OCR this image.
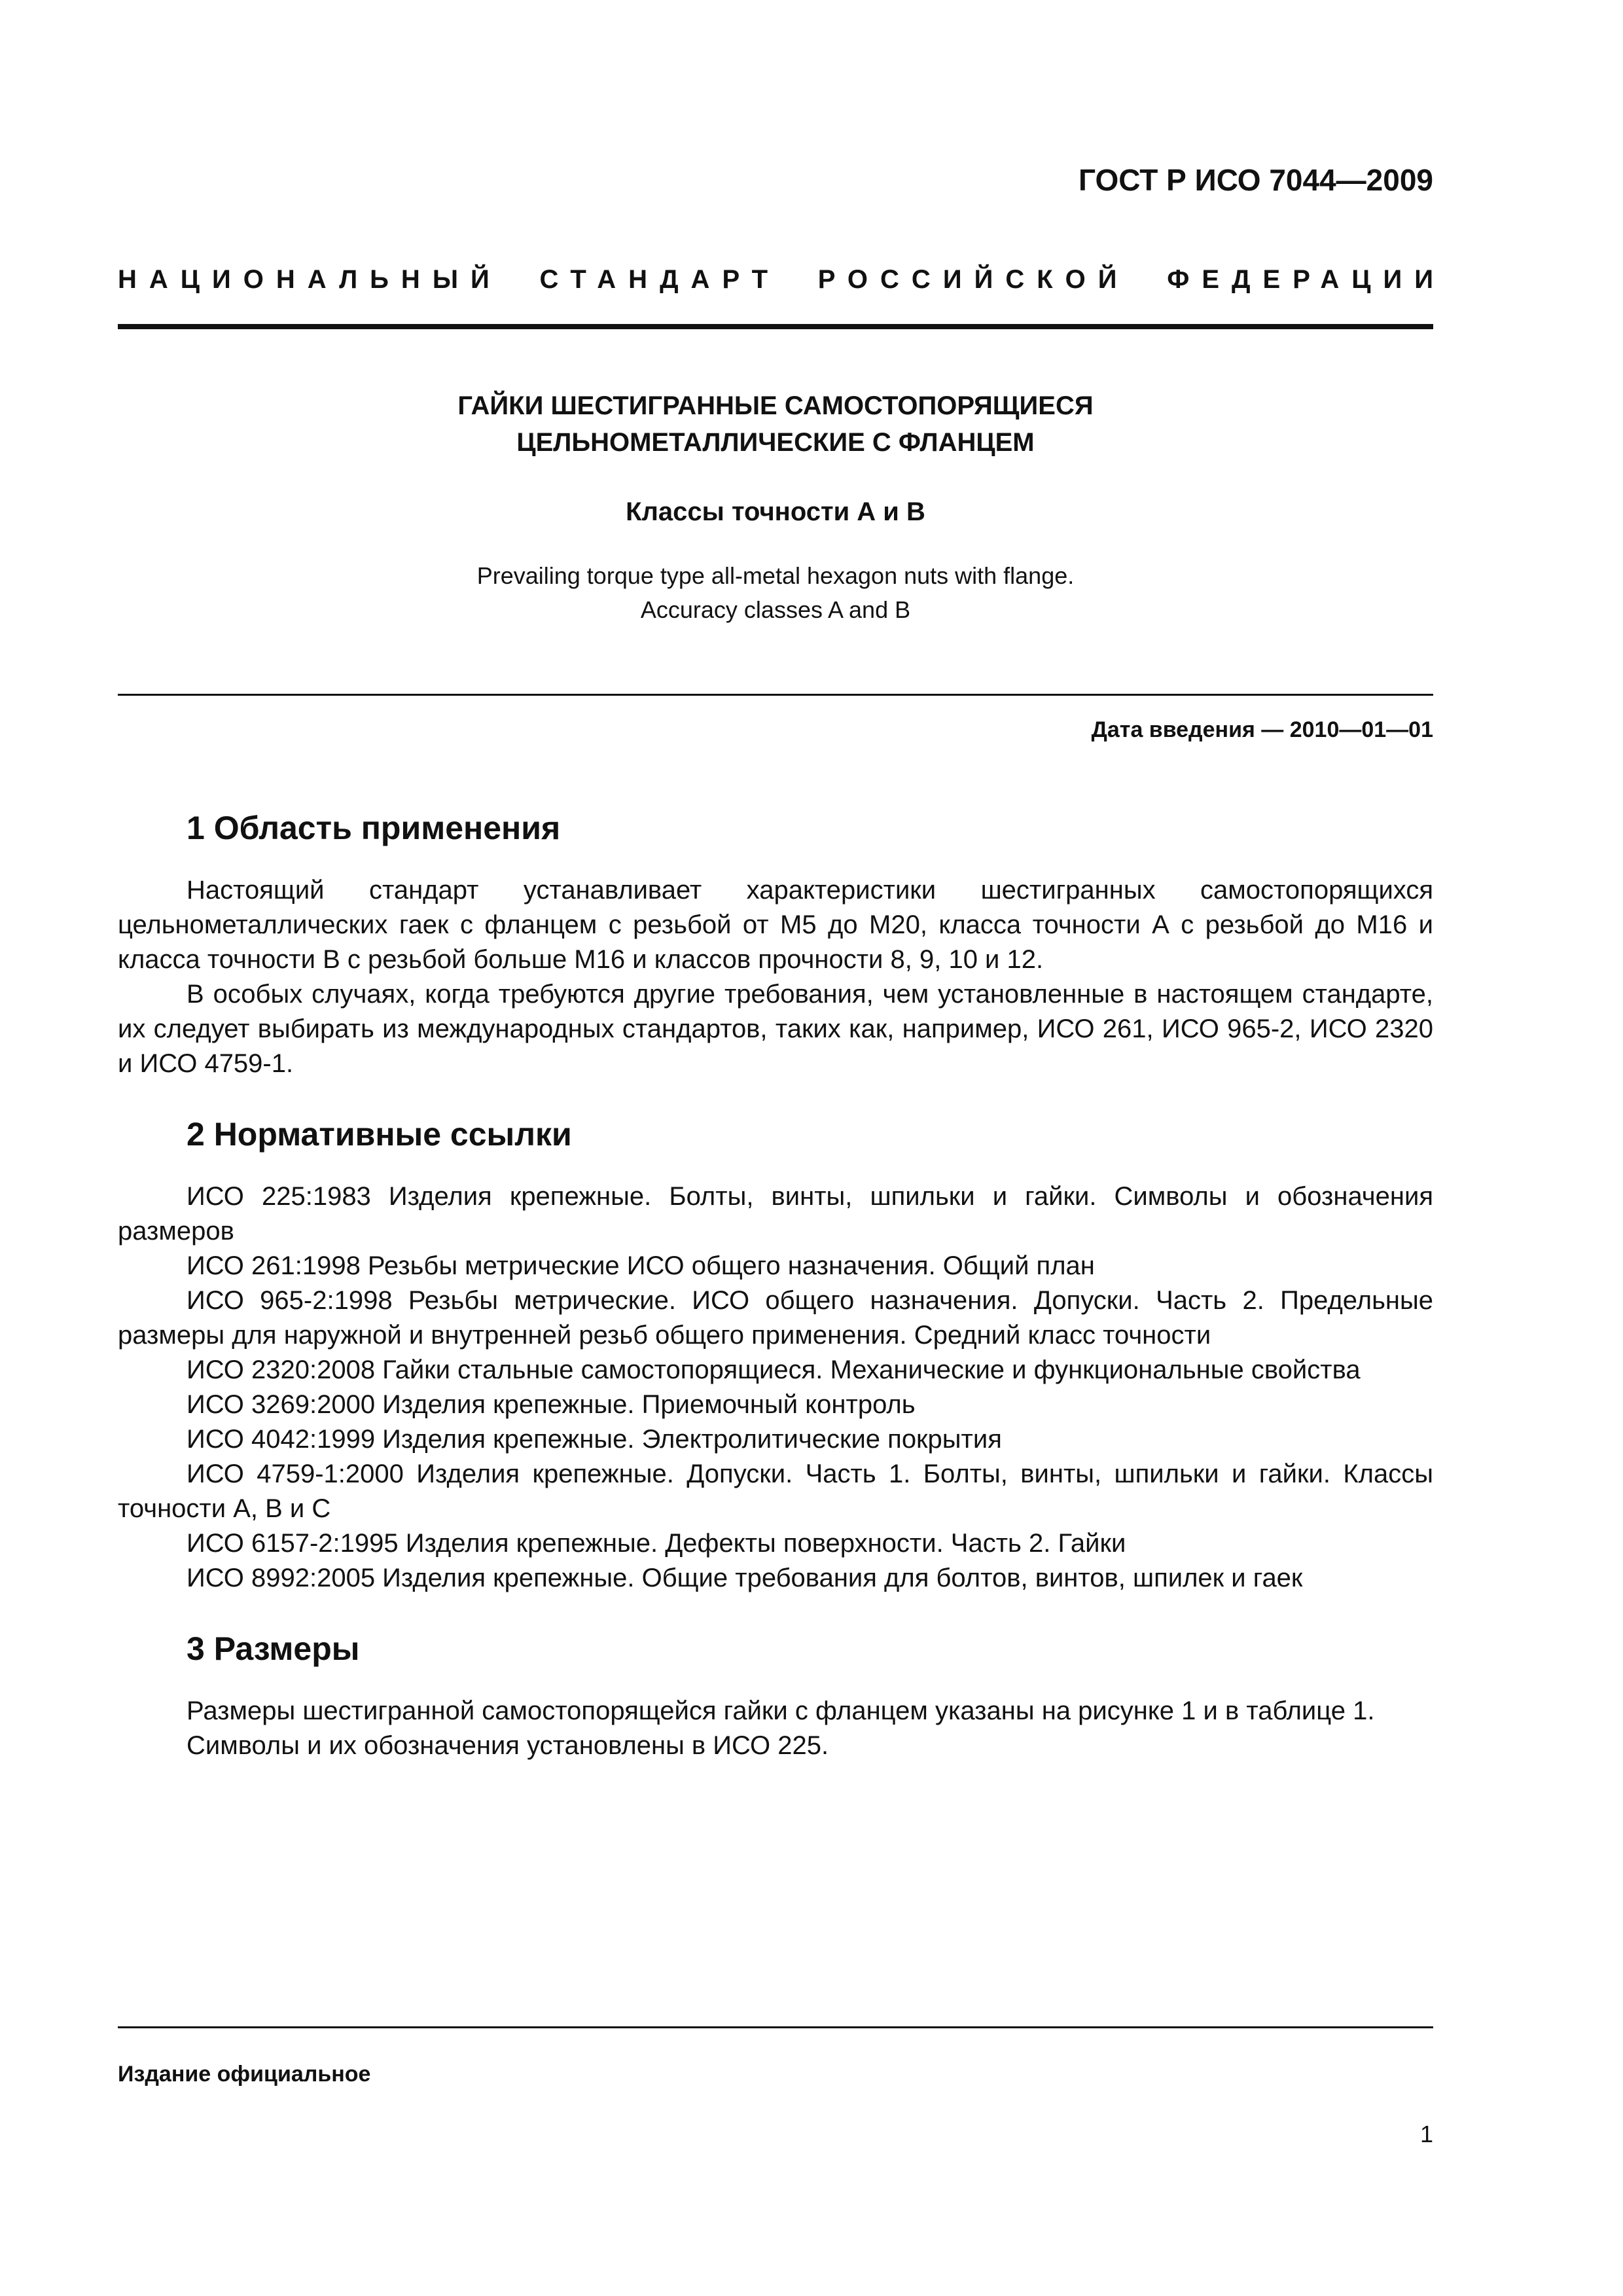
ГОСТ Р ИСО 7044—2009
НАЦИОНАЛЬНЫЙ СТАНДАРТ РОССИЙСКОЙ ФЕДЕРАЦИИ
ГАЙКИ ШЕСТИГРАННЫЕ САМОСТОПОРЯЩИЕСЯ
ЦЕЛЬНОМЕТАЛЛИЧЕСКИЕ С ФЛАНЦЕМ
Классы точности А и В
Prevailing torque type all-metal hexagon nuts with flange.
Accuracy classes A and B
Дата введения — 2010—01—01
1 Область применения

Настоящий стандарт устанавливает характеристики шестигранных самостопорящихся цельнометаллических гаек с фланцем с резьбой от М5 до М20, класса точности А с резьбой до М16 и класса точности В с резьбой больше М16 и классов прочности 8, 9, 10 и 12.

В особых случаях, когда требуются другие требования, чем установленные в настоящем стандарте, их следует выбирать из международных стандартов, таких как, например, ИСО 261, ИСО 965-2, ИСО 2320 и ИСО 4759-1.

2 Нормативные ссылки

ИСО 225:1983 Изделия крепежные. Болты, винты, шпильки и гайки. Символы и обозначения размеров

ИСО 261:1998 Резьбы метрические ИСО общего назначения. Общий план

ИСО 965-2:1998 Резьбы метрические. ИСО общего назначения. Допуски. Часть 2. Предельные размеры для наружной и внутренней резьб общего применения. Средний класс точности

ИСО 2320:2008 Гайки стальные самостопорящиеся. Механические и функциональные свойства

ИСО 3269:2000 Изделия крепежные. Приемочный контроль

ИСО 4042:1999 Изделия крепежные. Электролитические покрытия

ИСО 4759-1:2000 Изделия крепежные. Допуски. Часть 1. Болты, винты, шпильки и гайки. Классы точности А, В и С

ИСО 6157-2:1995 Изделия крепежные. Дефекты поверхности. Часть 2. Гайки

ИСО 8992:2005 Изделия крепежные. Общие требования для болтов, винтов, шпилек и гаек

3 Размеры

Размеры шестигранной самостопорящейся гайки с фланцем указаны на рисунке 1 и в таблице 1.

Символы и их обозначения установлены в ИСО 225.

Издание официальное
1
